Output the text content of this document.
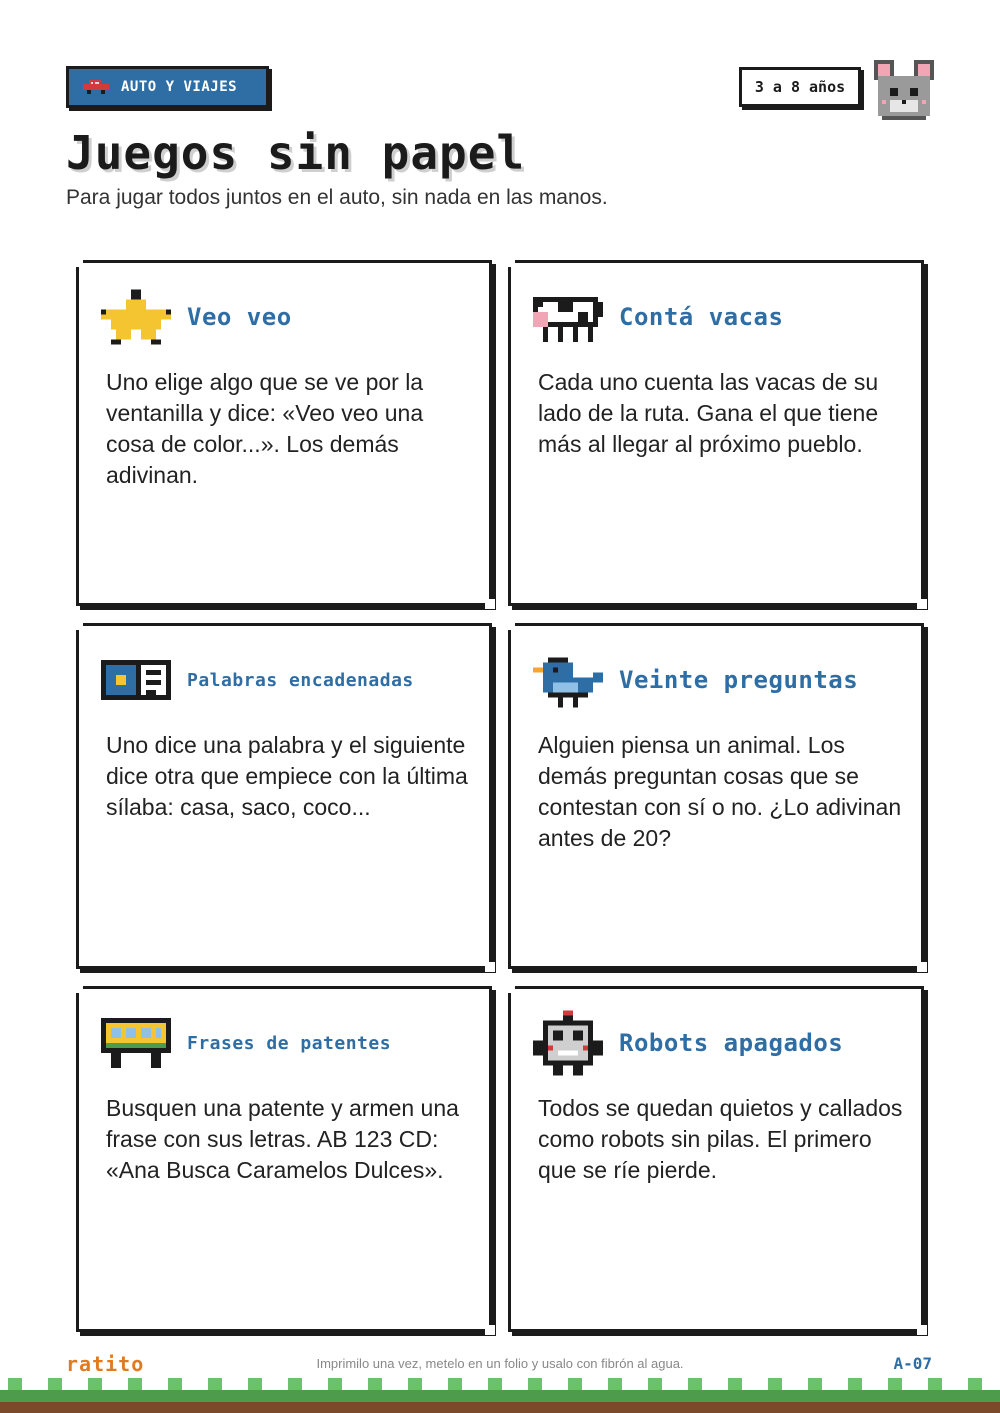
AUTO Y VIAJES	3 a 8 años
Juegos sin papel

Para jugar todos juntos en el auto, sin nada en las manos.

Veo veo

Uno elige algo que se ve por la ventanilla y dice: «Veo veo una cosa de color...». Los demás adivinan.

Contá vacas

Cada uno cuenta las vacas de su lado de la ruta. Gana el que tiene más al llegar al próximo pueblo.

Palabras encadenadas

Uno dice una palabra y el siguiente dice otra que empiece con la última sílaba: casa, saco, coco...

Veinte preguntas

Alguien piensa un animal. Los demás preguntan cosas que se contestan con sí o no. ¿Lo adivinan antes de 20?

Frases de patentes

Busquen una patente y armen una frase con sus letras. AB 123 CD: «Ana Busca Caramelos Dulces».

Robots apagados

Todos se quedan quietos y callados como robots sin pilas. El primero que se ríe pierde.

ratito	Imprimilo una vez, metelo en un folio y usalo con fibrón al agua.	A-07
